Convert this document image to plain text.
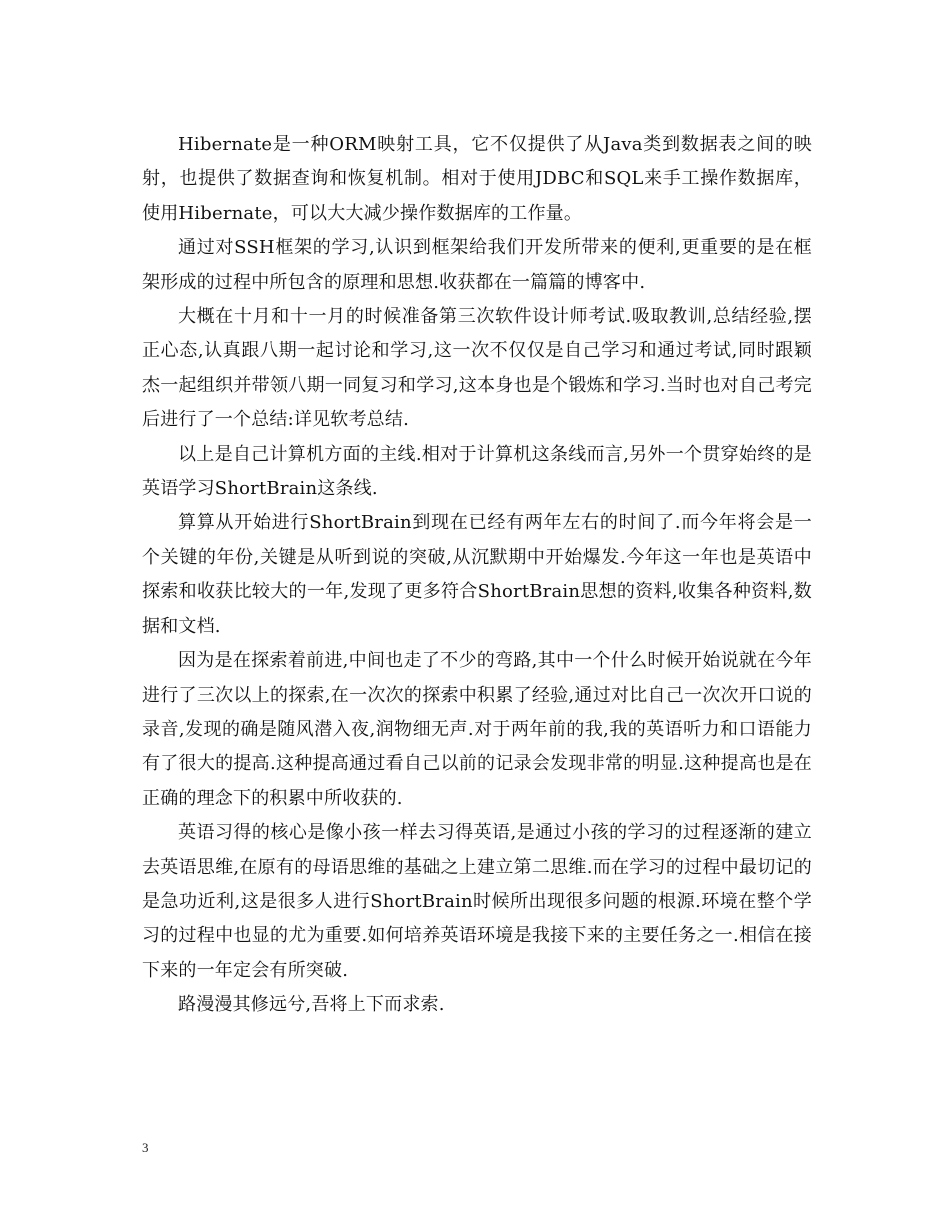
Hibernate是一种ORM映射工具，它不仅提供了从Java类到数据表之间的映射，也提供了数据查询和恢复机制。相对于使用JDBC和SQL来手工操作数据库，使用Hibernate，可以大大减少操作数据库的工作量。

通过对SSH框架的学习,认识到框架给我们开发所带来的便利,更重要的是在框架形成的过程中所包含的原理和思想.收获都在一篇篇的博客中.

大概在十月和十一月的时候准备第三次软件设计师考试.吸取教训,总结经验,摆正心态,认真跟八期一起讨论和学习,这一次不仅仅是自己学习和通过考试,同时跟颖杰一起组织并带领八期一同复习和学习,这本身也是个锻炼和学习.当时也对自己考完后进行了一个总结:详见软考总结.

以上是自己计算机方面的主线.相对于计算机这条线而言,另外一个贯穿始终的是英语学习ShortBrain这条线.

算算从开始进行ShortBrain到现在已经有两年左右的时间了.而今年将会是一个关键的年份,关键是从听到说的突破,从沉默期中开始爆发.今年这一年也是英语中探索和收获比较大的一年,发现了更多符合ShortBrain思想的资料,收集各种资料,数据和文档.

因为是在探索着前进,中间也走了不少的弯路,其中一个什么时候开始说就在今年进行了三次以上的探索,在一次次的探索中积累了经验,通过对比自己一次次开口说的录音,发现的确是随风潜入夜,润物细无声.对于两年前的我,我的英语听力和口语能力有了很大的提高.这种提高通过看自己以前的记录会发现非常的明显.这种提高也是在正确的理念下的积累中所收获的.

英语习得的核心是像小孩一样去习得英语,是通过小孩的学习的过程逐渐的建立去英语思维,在原有的母语思维的基础之上建立第二思维.而在学习的过程中最切记的是急功近利,这是很多人进行ShortBrain时候所出现很多问题的根源.环境在整个学习的过程中也显的尤为重要.如何培养英语环境是我接下来的主要任务之一.相信在接下来的一年定会有所突破.

路漫漫其修远兮,吾将上下而求索.

3
